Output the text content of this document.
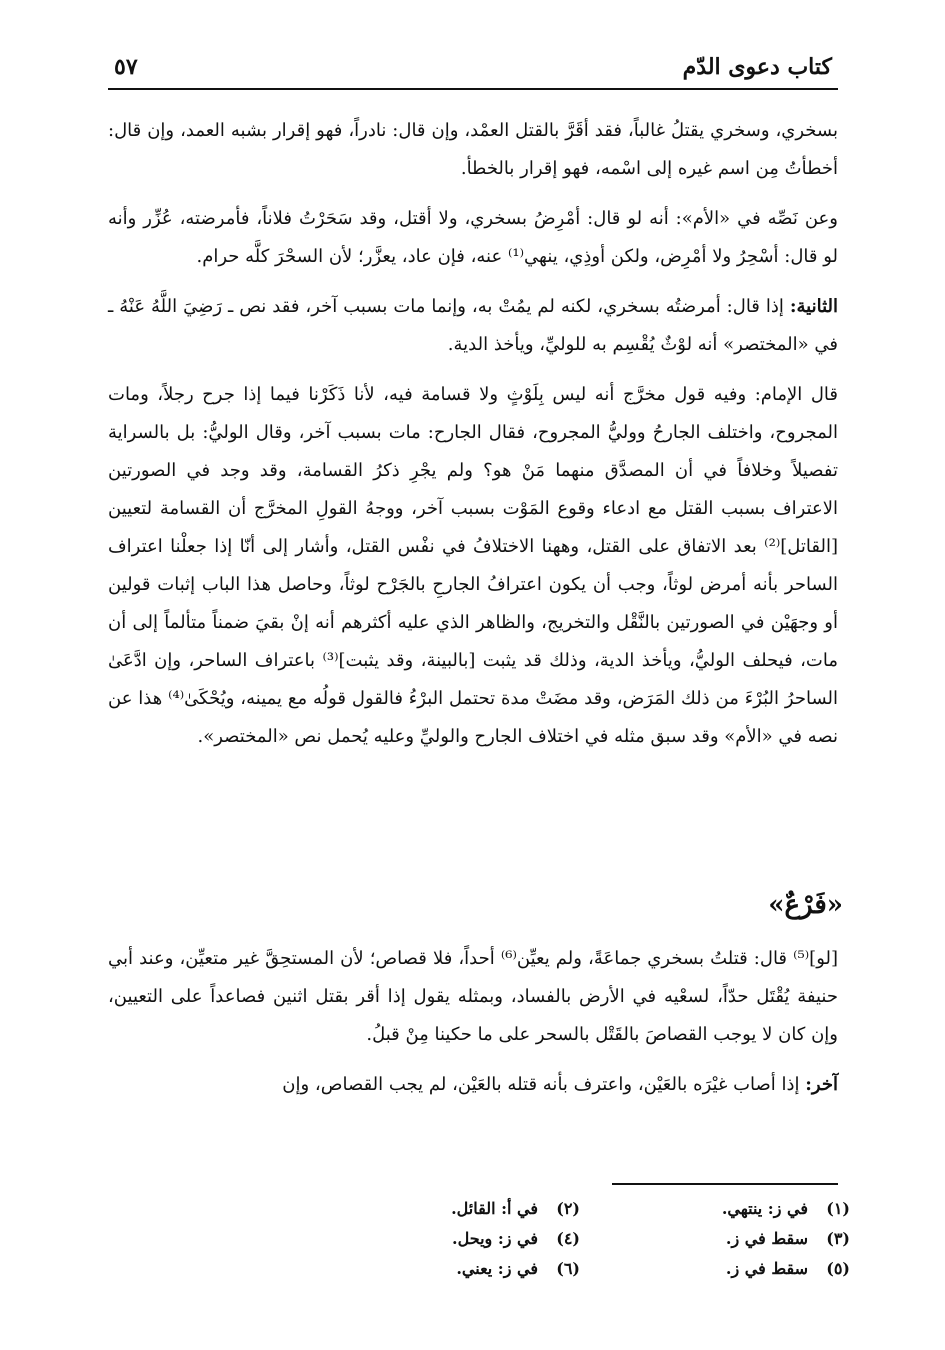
كتاب دعوى الدّم
٥٧

بسخري، وسخري يقتلُ غالباً، فقد أقَرَّ بالقتل العمْد، وإن قال: نادراً، فهو إقرار بشبه العمد، وإن قال: أخطأتُ مِن اسم غيره إلى اسْمه، فهو إقرار بالخطأ.

وعن نَصِّه في «الأم»: أنه لو قال: أمْرِضُ بسخري، ولا أقتل، وقد سَحَرْتُ فلاناً، فأمرضته، عُزِّر وأنه لو قال: أسْحِرُ ولا أمْرِض، ولكن أوذِي، ينهي⁽¹⁾ عنه، فإن عاد، يعزَّر؛ لأن السحْرَ كلَّه حرام.

الثانية: إذا قال: أمرضتُه بسخري، لكنه لم يمُتْ به، وإنما مات بسبب آخر، فقد نص ـ رَضِيَ اللَّهُ عَنْهُ ـ في «المختصر» أنه لوْثٌ يُقْسِم به للوليِّ، ويأخذ الدية.

قال الإمام: وفيه قول مخرَّج أنه ليس بِلَوْثٍ ولا قسامة فيه، لأنا ذَكَرْنا فيما إذا جرح رجلاً، ومات المجروح، واختلف الجارحُ ووليُّ المجروح، فقال الجارح: مات بسبب آخر، وقال الوليُّ: بل بالسراية تفصيلاً وخلافاً في أن المصدَّق منهما مَنْ هو؟ ولم يجْرِ ذكرُ القسامة، وقد وجد في الصورتين الاعتراف بسبب القتل مع ادعاء وقوع المَوْت بسبب آخر، ووجهُ القولِ المخرَّج أن القسامة لتعيين [القاتل]⁽²⁾ بعد الاتفاق على القتل، وههنا الاختلافُ في نفْس القتل، وأشار إلى أنّا إذا جعلْنا اعتراف الساحر بأنه أمرض لوثاً، وجب أن يكون اعترافُ الجارحِ بالجَرْح لوثاً، وحاصل هذا الباب إثبات قولين أو وجهَيْن في الصورتين بالنَّقْل والتخريج، والظاهر الذي عليه أكثرهم أنه إنْ بقيَ ضمناً متألماً إلى أن مات، فيحلف الوليُّ، ويأخذ الدية، وذلك قد يثبت [بالبينة، وقد يثبت]⁽³⁾ باعتراف الساحر، وإن ادَّعَىٰ الساحرُ البُرْءَ من ذلك المَرَض، وقد مضَتْ مدة تحتمل البرْءُ فالقول قولُه مع يمينه، ويُحْكَىٰ⁽⁴⁾ هذا عن نصه في «الأم» وقد سبق مثله في اختلاف الجارح والوليِّ وعليه يُحمل نص «المختصر».

«فَرْعٌ»

[لو]⁽⁵⁾ قال: قتلتُ بسخري جماعَةً، ولم يعيِّن⁽⁶⁾ أحداً، فلا قصاص؛ لأن المستحِقَّ غير متعيِّن، وعند أبي حنيفة يُقْتَل حدّاً، لسعْيه في الأرض بالفساد، وبمثله يقول إذا أقر بقتل اثنين فصاعداً على التعيين، وإن كان لا يوجب القصاصَ بالقَتْل بالسحر على ما حكينا مِنْ قبلُ.

آخر: إذا أصاب غيْرَه بالعَيْن، واعترف بأنه قتله بالعَيْن، لم يجب القصاص، وإن

(١)في ز: ينتهي.
(٢)في أ: القائل.
(٣)سقط في ز.
(٤)في ز: ويحل.
(٥)سقط في ز.
(٦)في ز: يعني.
